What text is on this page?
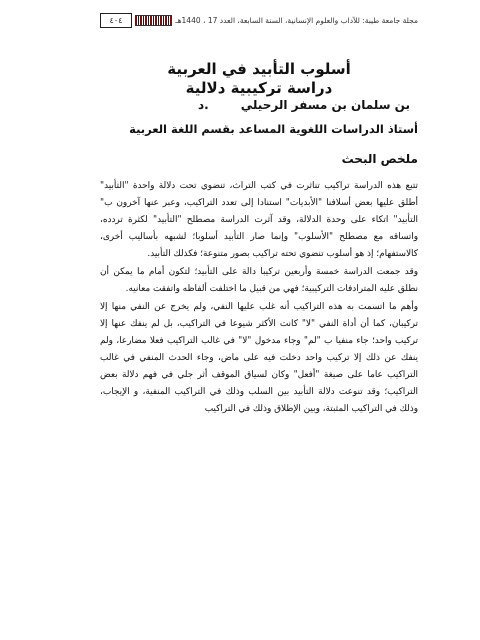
٤٠٤	مجلة جامعة طيبة: للآداب والعلوم الإنسانية، السنة السابعة، العدد 17 ، 1440هـ

أسلوب التأبيد في العربية

دراسة تركيبية دلالية

د.	بن سلمان بن مسفر الرحيلي
أستاذ الدراسات اللغوية المساعد بقسم اللغة العربية
ملخص البحث

تتبع هذه الدراسة تراكيب تناثرت في كتب التراث، تنضوي تحت دلالة واحدة "التأبيد" أطلق عليها بعض أسلافنا "الأبديات" استنادا إلى تعدد التراكيب، وعبر عنها آخرون ب" التأبيد" اتكاء على وحدة الدلالة، وقد آثرت الدراسة مصطلح "التأبيد" لكثرة تردده، واتساقه مع مصطلح "الأسلوب" وإنما صار التأبيد أسلوبا؛ لشبهه بأساليب أخرى، كالاستفهام؛ إذ هو أسلوب تنضوي تحته تراكيب بصور متنوعة؛ فكذلك التأبيد.

وقد جمعت الدراسة خمسة وأربعين تركيبا دالة على التأبيد؛ لتكون أمام ما يمكن أن نطلق عليه المترادفات التركيبية؛ فهي من قبيل ما اختلفت ألفاظه واتفقت معانيه.

وأهم ما اتسمت به هذه التراكيب أنه غلب عليها النفي، ولم يخرج عن النفي منها إلا تركيبان، كما أن أداة النفي "لا" كانت الأكثر شيوعا في التراكيب، بل لم ينفك عنها إلا تركيب واحد؛ جاء منفيا ب "لم" وجاء مدخول "لا" في غالب التراكيب فعلا مضارعا، ولم ينفك عن ذلك إلا تركيب واحد دخلت فيه على ماض، وجاء الحدث المنفي في غالب التراكيب عاما على صيغة "أفعل" وكان لسياق الموقف أثر جلي في فهم دلالة بعض التراكيب؛ وقد تنوعت دلالة التأبيد بين السلب وذلك في التراكيب المنفية، و الإيجاب، وذلك في التراكيب المثبتة، وبين الإطلاق وذلك في التراكيب
